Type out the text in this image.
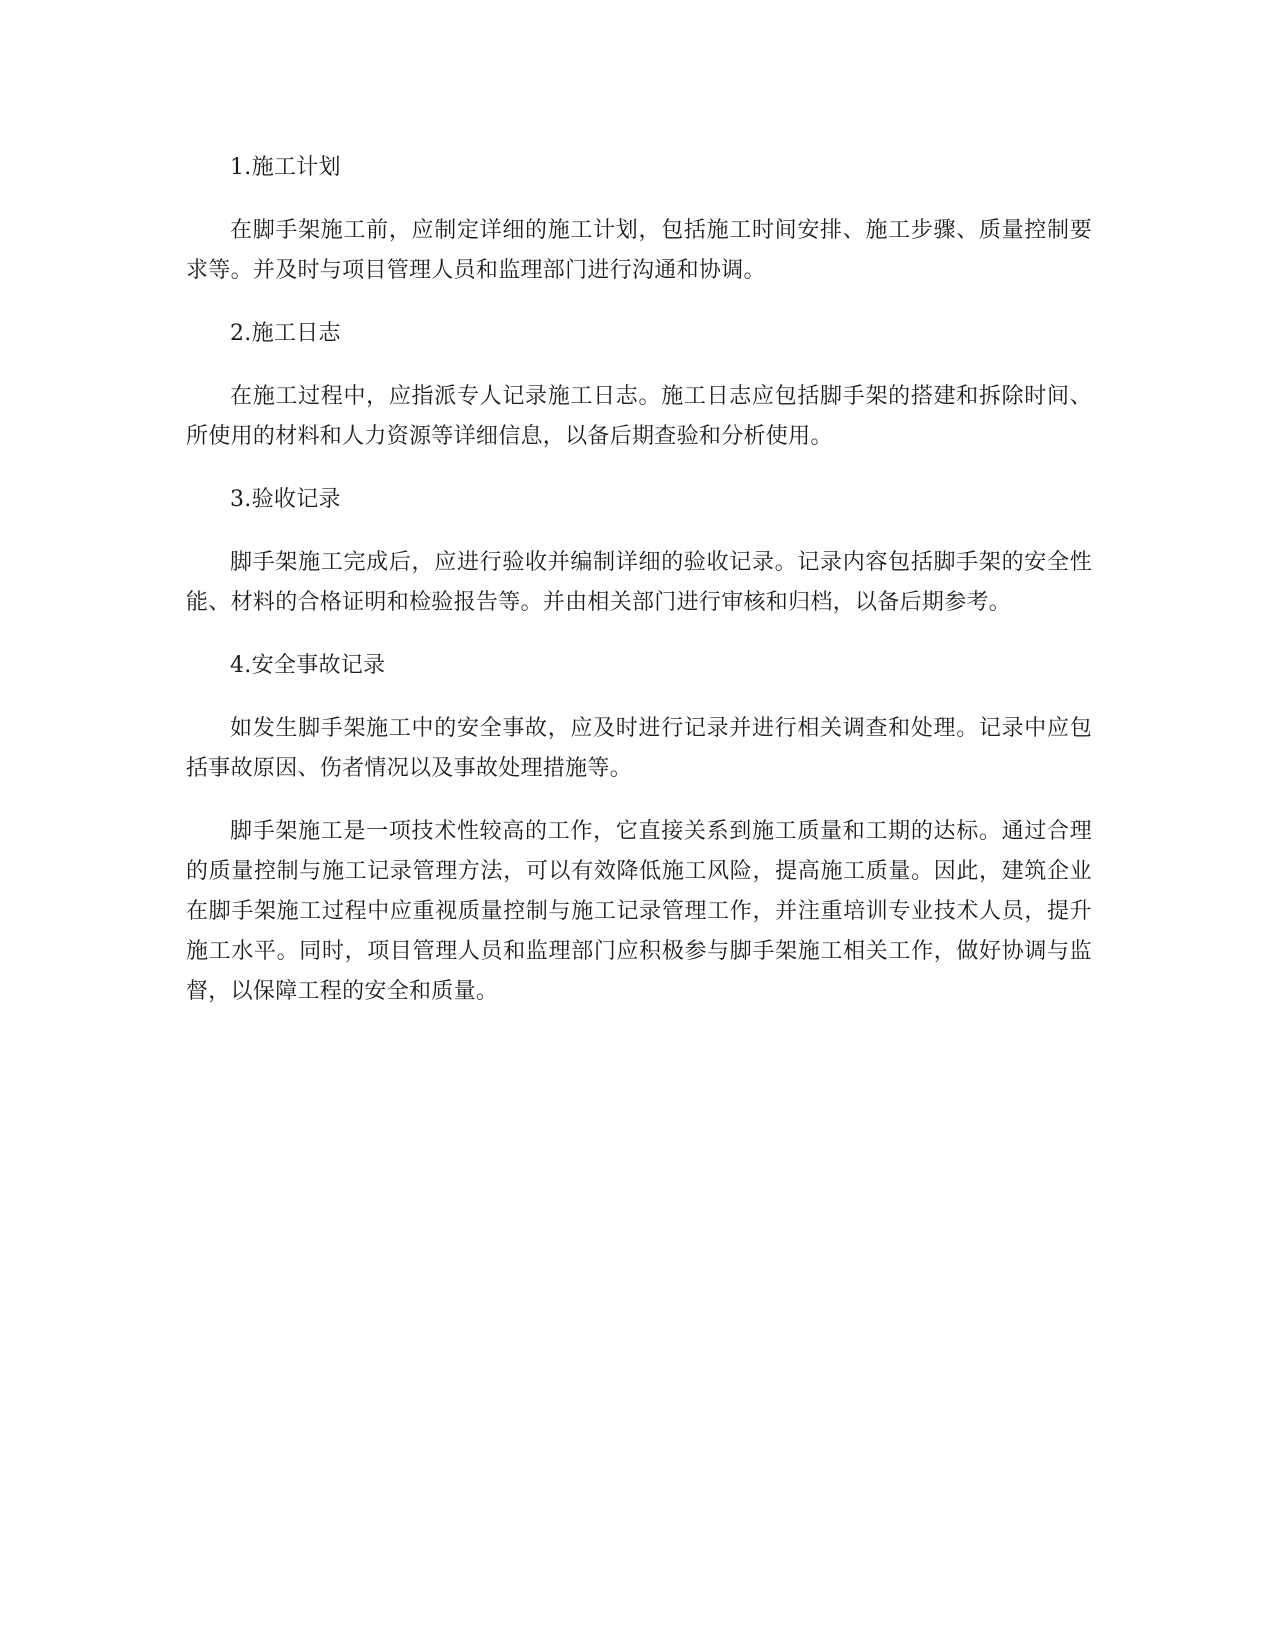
1.施工计划

在脚手架施工前，应制定详细的施工计划，包括施工时间安排、施工步骤、质量控制要求等。并及时与项目管理人员和监理部门进行沟通和协调。

2.施工日志

在施工过程中，应指派专人记录施工日志。施工日志应包括脚手架的搭建和拆除时间、所使用的材料和人力资源等详细信息，以备后期查验和分析使用。

3.验收记录

脚手架施工完成后，应进行验收并编制详细的验收记录。记录内容包括脚手架的安全性能、材料的合格证明和检验报告等。并由相关部门进行审核和归档，以备后期参考。

4.安全事故记录

如发生脚手架施工中的安全事故，应及时进行记录并进行相关调查和处理。记录中应包括事故原因、伤者情况以及事故处理措施等。

脚手架施工是一项技术性较高的工作，它直接关系到施工质量和工期的达标。通过合理的质量控制与施工记录管理方法，可以有效降低施工风险，提高施工质量。因此，建筑企业在脚手架施工过程中应重视质量控制与施工记录管理工作，并注重培训专业技术人员，提升施工水平。同时，项目管理人员和监理部门应积极参与脚手架施工相关工作，做好协调与监督，以保障工程的安全和质量。
